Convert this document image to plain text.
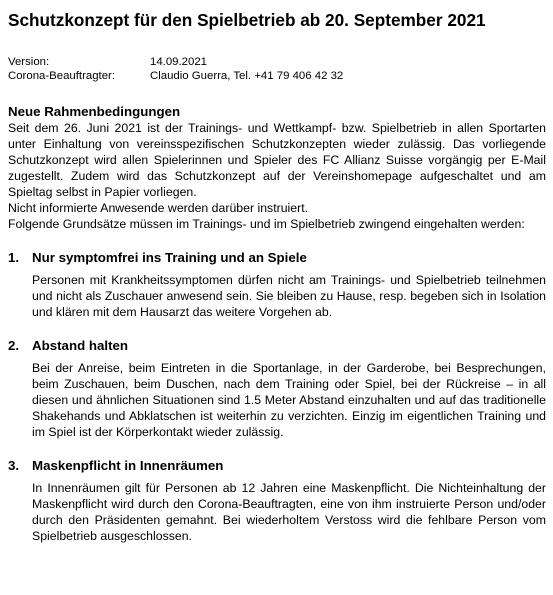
Schutzkonzept für den Spielbetrieb ab 20. September 2021
Version:	14.09.2021
Corona-Beauftragter:	Claudio Guerra, Tel. +41 79 406 42 32
Neue Rahmenbedingungen

Seit dem 26. Juni 2021 ist der Trainings- und Wettkampf- bzw. Spielbetrieb in allen Sportarten unter Einhaltung von vereinsspezifischen Schutzkonzepten wieder zulässig. Das vorliegende Schutzkonzept wird allen Spielerinnen und Spieler des FC Allianz Suisse vorgängig per E-Mail zugestellt. Zudem wird das Schutzkonzept auf der Vereinshomepage aufgeschaltet und am Spieltag selbst in Papier vorliegen.

Nicht informierte Anwesende werden darüber instruiert.

Folgende Grundsätze müssen im Trainings- und im Spielbetrieb zwingend eingehalten werden:

1. Nur symptomfrei ins Training und an Spiele
Personen mit Krankheitssymptomen dürfen nicht am Trainings- und Spielbetrieb teilnehmen und nicht als Zuschauer anwesend sein. Sie bleiben zu Hause, resp. begeben sich in Isolation und klären mit dem Hausarzt das weitere Vorgehen ab.
2. Abstand halten
Bei der Anreise, beim Eintreten in die Sportanlage, in der Garderobe, bei Besprechungen, beim Zuschauen, beim Duschen, nach dem Training oder Spiel, bei der Rückreise – in all diesen und ähnlichen Situationen sind 1.5 Meter Abstand einzuhalten und auf das traditionelle Shakehands und Abklatschen ist weiterhin zu verzichten. Einzig im eigentlichen Training und im Spiel ist der Körperkontakt wieder zulässig.
3. Maskenpflicht in Innenräumen
In Innenräumen gilt für Personen ab 12 Jahren eine Maskenpflicht. Die Nichteinhaltung der Maskenpflicht wird durch den Corona-Beauftragten, eine von ihm instruierte Person und/oder durch den Präsidenten gemahnt. Bei wiederholtem Verstoss wird die fehlbare Person vom Spielbetrieb ausgeschlossen.
